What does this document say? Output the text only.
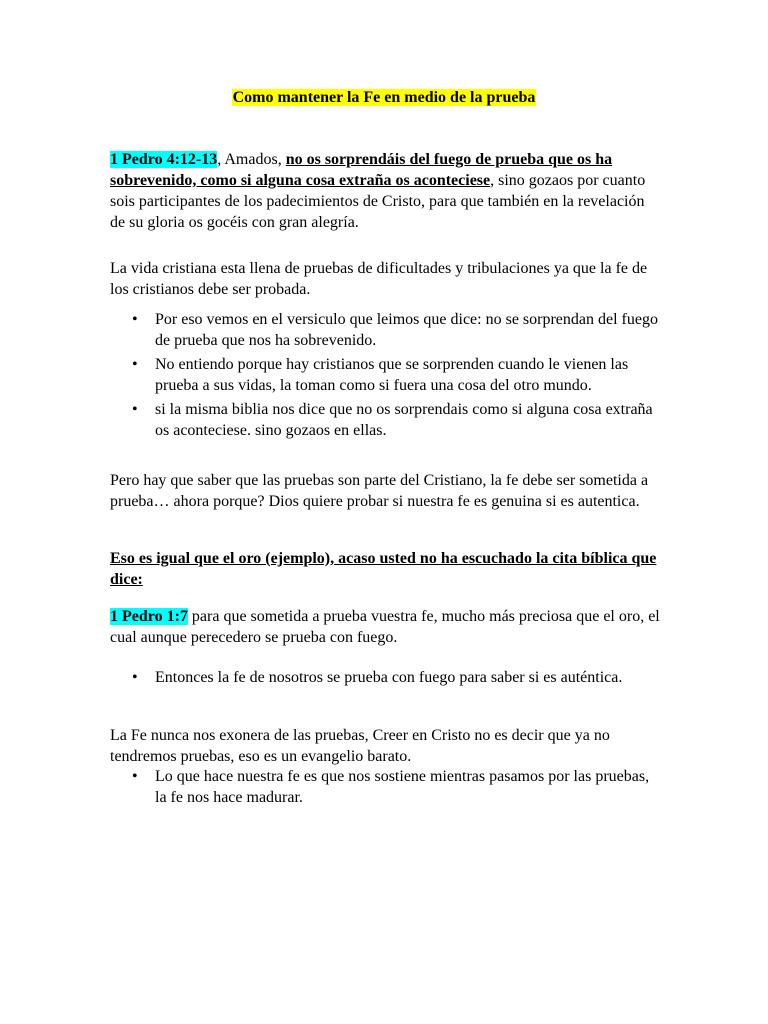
Como mantener la Fe en medio de la prueba
1 Pedro 4:12-13, Amados, no os sorprendáis del fuego de prueba que os ha sobrevenido, como si alguna cosa extraña os aconteciese, sino gozaos por cuanto sois participantes de los padecimientos de Cristo, para que también en la revelación de su gloria os gocéis con gran alegría.
La vida cristiana esta llena de pruebas de dificultades y tribulaciones ya que la fe de los cristianos debe ser probada.
• Por eso vemos en el versiculo que leimos que dice: no se sorprendan del fuego de prueba que nos ha sobrevenido.
• No entiendo porque hay cristianos que se sorprenden cuando le vienen las prueba a sus vidas, la toman como si fuera una cosa del otro mundo.
• si la misma biblia nos dice que no os sorprendais como si alguna cosa extraña os aconteciese. sino gozaos en ellas.
Pero hay que saber que las pruebas son parte del Cristiano, la fe debe ser sometida a prueba… ahora porque? Dios quiere probar si nuestra fe es genuina si es autentica.
Eso es igual que el oro (ejemplo), acaso usted no ha escuchado la cita bíblica que dice:
1 Pedro 1:7 para que sometida a prueba vuestra fe, mucho más preciosa que el oro, el cual aunque perecedero se prueba con fuego.
• Entonces la fe de nosotros se prueba con fuego para saber si es auténtica.
La Fe nunca nos exonera de las pruebas, Creer en Cristo no es decir que ya no tendremos pruebas, eso es un evangelio barato.
• Lo que hace nuestra fe es que nos sostiene mientras pasamos por las pruebas, la fe nos hace madurar.
